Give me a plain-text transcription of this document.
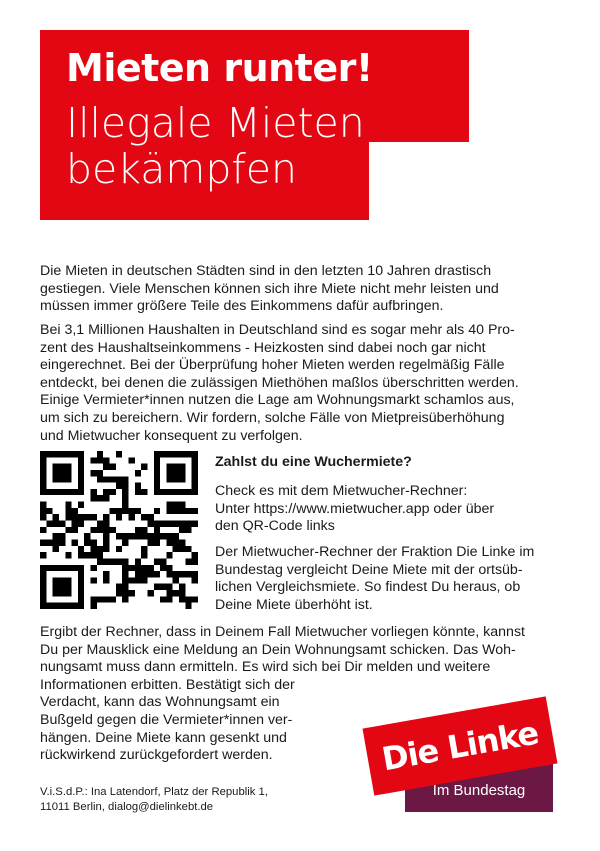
Mieten runter!
Illegale Mieten
bekämpfen

Die Mieten in deutschen Städten sind in den letzten 10 Jahren drastisch
gestiegen. Viele Menschen können sich ihre Miete nicht mehr leisten und
müssen immer größere Teile des Einkommens dafür aufbringen.

Bei 3,1 Millionen Haushalten in Deutschland sind es sogar mehr als 40 Pro-
zent des Haushaltseinkommens - Heizkosten sind dabei noch gar nicht
eingerechnet. Bei der Überprüfung hoher Mieten werden regelmäßig Fälle
entdeckt, bei denen die zulässigen Miethöhen maßlos überschritten werden.
Einige Vermieter*innen nutzen die Lage am Wohnungsmarkt schamlos aus,
um sich zu bereichern. Wir fordern, solche Fälle von Mietpreisüberhöhung
und Mietwucher konsequent zu verfolgen.

Zahlst du eine Wuchermiete?

Check es mit dem Mietwucher-Rechner:
Unter https://www.mietwucher.app oder über
den QR-Code links

Der Mietwucher-Rechner der Fraktion Die Linke im
Bundestag vergleicht Deine Miete mit der ortsüb-
lichen Vergleichsmiete. So findest Du heraus, ob
Deine Miete überhöht ist.

Ergibt der Rechner, dass in Deinem Fall Mietwucher vorliegen könnte, kannst
Du per Mausklick eine Meldung an Dein Wohnungsamt schicken. Das Woh-
nungsamt muss dann ermitteln. Es wird sich bei Dir melden und weitere
Informationen erbitten. Bestätigt sich der
Verdacht, kann das Wohnungsamt ein
Bußgeld gegen die Vermieter*innen ver-
hängen. Deine Miete kann gesenkt und
rückwirkend zurückgefordert werden.

Im Bundestag
Die Linke

V.i.S.d.P.: Ina Latendorf, Platz der Republik 1,
11011 Berlin, dialog@dielinkebt.de
